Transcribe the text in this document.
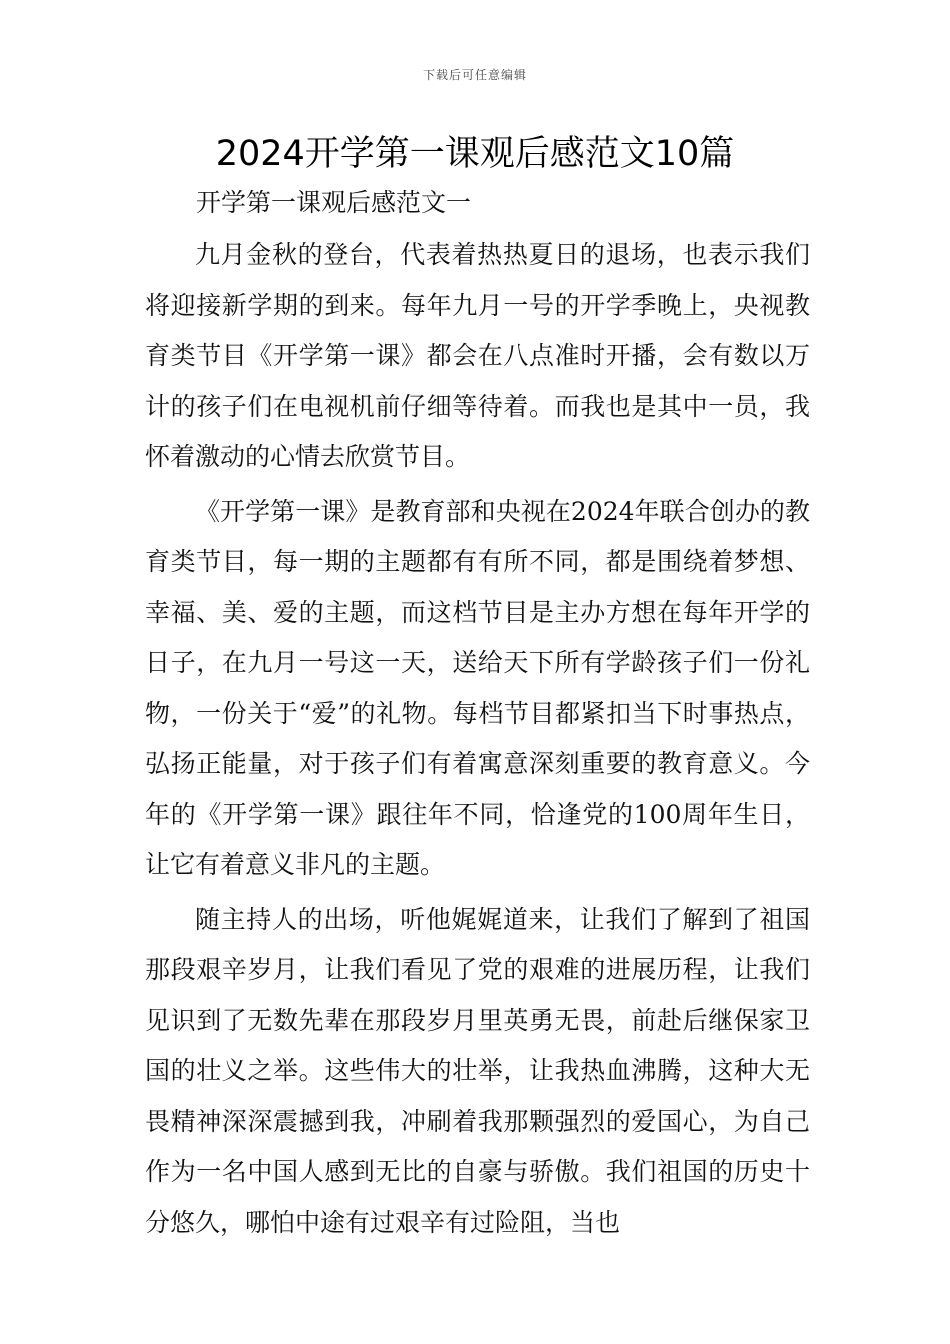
下载后可任意编辑
2024开学第一课观后感范文10篇
开学第一课观后感范文一

九月金秋的登台，代表着热热夏日的退场，也表示我们将迎接新学期的到来。每年九月一号的开学季晚上，央视教育类节目《开学第一课》都会在八点准时开播，会有数以万计的孩子们在电视机前仔细等待着。而我也是其中一员，我怀着激动的心情去欣赏节目。

《开学第一课》是教育部和央视在2024年联合创办的教育类节目，每一期的主题都有有所不同，都是围绕着梦想、幸福、美、爱的主题，而这档节目是主办方想在每年开学的日子，在九月一号这一天，送给天下所有学龄孩子们一份礼物，一份关于“爱”的礼物。每档节目都紧扣当下时事热点，弘扬正能量，对于孩子们有着寓意深刻重要的教育意义。今年的《开学第一课》跟往年不同，恰逢党的100周年生日，让它有着意义非凡的主题。

随主持人的出场，听他娓娓道来，让我们了解到了祖国那段艰辛岁月，让我们看见了党的艰难的进展历程，让我们见识到了无数先辈在那段岁月里英勇无畏，前赴后继保家卫国的壮义之举。这些伟大的壮举，让我热血沸腾，这种大无畏精神深深震撼到我，冲刷着我那颗强烈的爱国心，为自己作为一名中国人感到无比的自豪与骄傲。我们祖国的历史十分悠久，哪怕中途有过艰辛有过险阻，当也
